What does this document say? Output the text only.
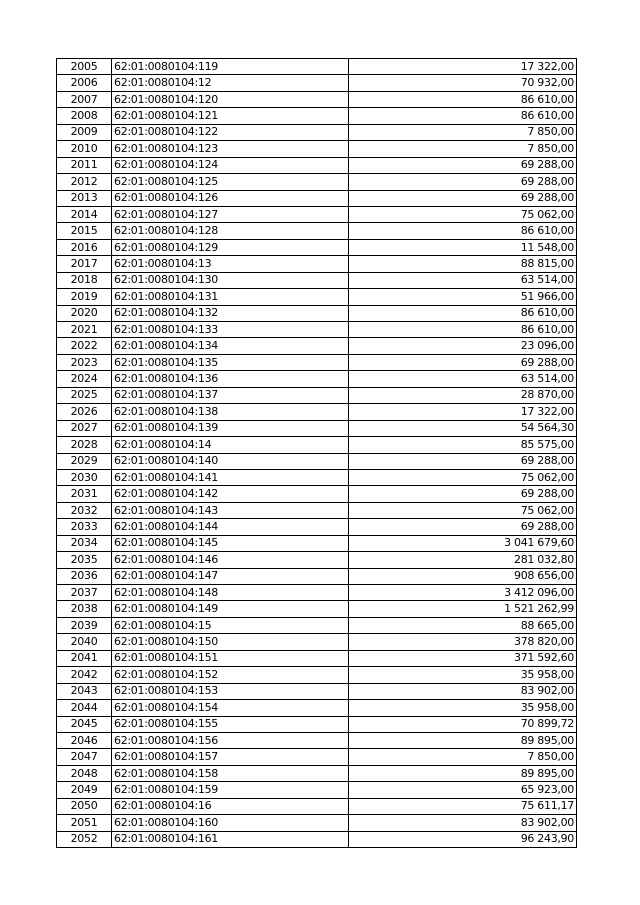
2005	62:01:0080104:119	17 322,00
2006	62:01:0080104:12	70 932,00
2007	62:01:0080104:120	86 610,00
2008	62:01:0080104:121	86 610,00
2009	62:01:0080104:122	7 850,00
2010	62:01:0080104:123	7 850,00
2011	62:01:0080104:124	69 288,00
2012	62:01:0080104:125	69 288,00
2013	62:01:0080104:126	69 288,00
2014	62:01:0080104:127	75 062,00
2015	62:01:0080104:128	86 610,00
2016	62:01:0080104:129	11 548,00
2017	62:01:0080104:13	88 815,00
2018	62:01:0080104:130	63 514,00
2019	62:01:0080104:131	51 966,00
2020	62:01:0080104:132	86 610,00
2021	62:01:0080104:133	86 610,00
2022	62:01:0080104:134	23 096,00
2023	62:01:0080104:135	69 288,00
2024	62:01:0080104:136	63 514,00
2025	62:01:0080104:137	28 870,00
2026	62:01:0080104:138	17 322,00
2027	62:01:0080104:139	54 564,30
2028	62:01:0080104:14	85 575,00
2029	62:01:0080104:140	69 288,00
2030	62:01:0080104:141	75 062,00
2031	62:01:0080104:142	69 288,00
2032	62:01:0080104:143	75 062,00
2033	62:01:0080104:144	69 288,00
2034	62:01:0080104:145	3 041 679,60
2035	62:01:0080104:146	281 032,80
2036	62:01:0080104:147	908 656,00
2037	62:01:0080104:148	3 412 096,00
2038	62:01:0080104:149	1 521 262,99
2039	62:01:0080104:15	88 665,00
2040	62:01:0080104:150	378 820,00
2041	62:01:0080104:151	371 592,60
2042	62:01:0080104:152	35 958,00
2043	62:01:0080104:153	83 902,00
2044	62:01:0080104:154	35 958,00
2045	62:01:0080104:155	70 899,72
2046	62:01:0080104:156	89 895,00
2047	62:01:0080104:157	7 850,00
2048	62:01:0080104:158	89 895,00
2049	62:01:0080104:159	65 923,00
2050	62:01:0080104:16	75 611,17
2051	62:01:0080104:160	83 902,00
2052	62:01:0080104:161	96 243,90
